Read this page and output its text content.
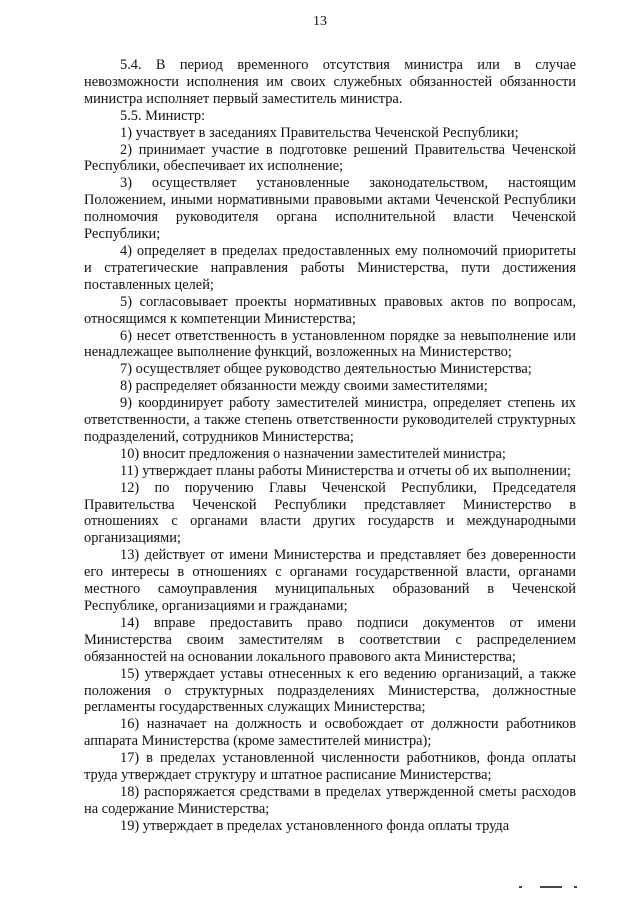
13

5.4. В период временного отсутствия министра или в случае невозможности исполнения им своих служебных обязанностей обязанности министра исполняет первый заместитель министра.

5.5. Министр:

1) участвует в заседаниях Правительства Чеченской Республики;

2) принимает участие в подготовке решений Правительства Чеченской Республики, обеспечивает их исполнение;

3) осуществляет установленные законодательством, настоящим Положением, иными нормативными правовыми актами Чеченской Республики полномочия руководителя органа исполнительной власти Чеченской Республики;

4) определяет в пределах предоставленных ему полномочий приоритеты и стратегические направления работы Министерства, пути достижения поставленных целей;

5) согласовывает проекты нормативных правовых актов по вопросам, относящимся к компетенции Министерства;

6) несет ответственность в установленном порядке за невыполнение или ненадлежащее выполнение функций, возложенных на Министерство;

7) осуществляет общее руководство деятельностью Министерства;

8) распределяет обязанности между своими заместителями;

9) координирует работу заместителей министра, определяет степень их ответственности, а также степень ответственности руководителей структурных подразделений, сотрудников Министерства;

10) вносит предложения о назначении заместителей министра;

11) утверждает планы работы Министерства и отчеты об их выполнении;

12) по поручению Главы Чеченской Республики, Председателя Правительства Чеченской Республики представляет Министерство в отношениях с органами власти других государств и международными организациями;

13) действует от имени Министерства и представляет без доверенности его интересы в отношениях с органами государственной власти, органами местного самоуправления муниципальных образований в Чеченской Республике, организациями и гражданами;

14) вправе предоставить право подписи документов от имени Министерства своим заместителям в соответствии с распределением обязанностей на основании локального правового акта Министерства;

15) утверждает уставы отнесенных к его ведению организаций, а также положения о структурных подразделениях Министерства, должностные регламенты государственных служащих Министерства;

16) назначает на должность и освобождает от должности работников аппарата Министерства (кроме заместителей министра);

17) в пределах установленной численности работников, фонда оплаты труда утверждает структуру и штатное расписание Министерства;

18) распоряжается средствами в пределах утвержденной сметы расходов на содержание Министерства;

19) утверждает в пределах установленного фонда оплаты труда
